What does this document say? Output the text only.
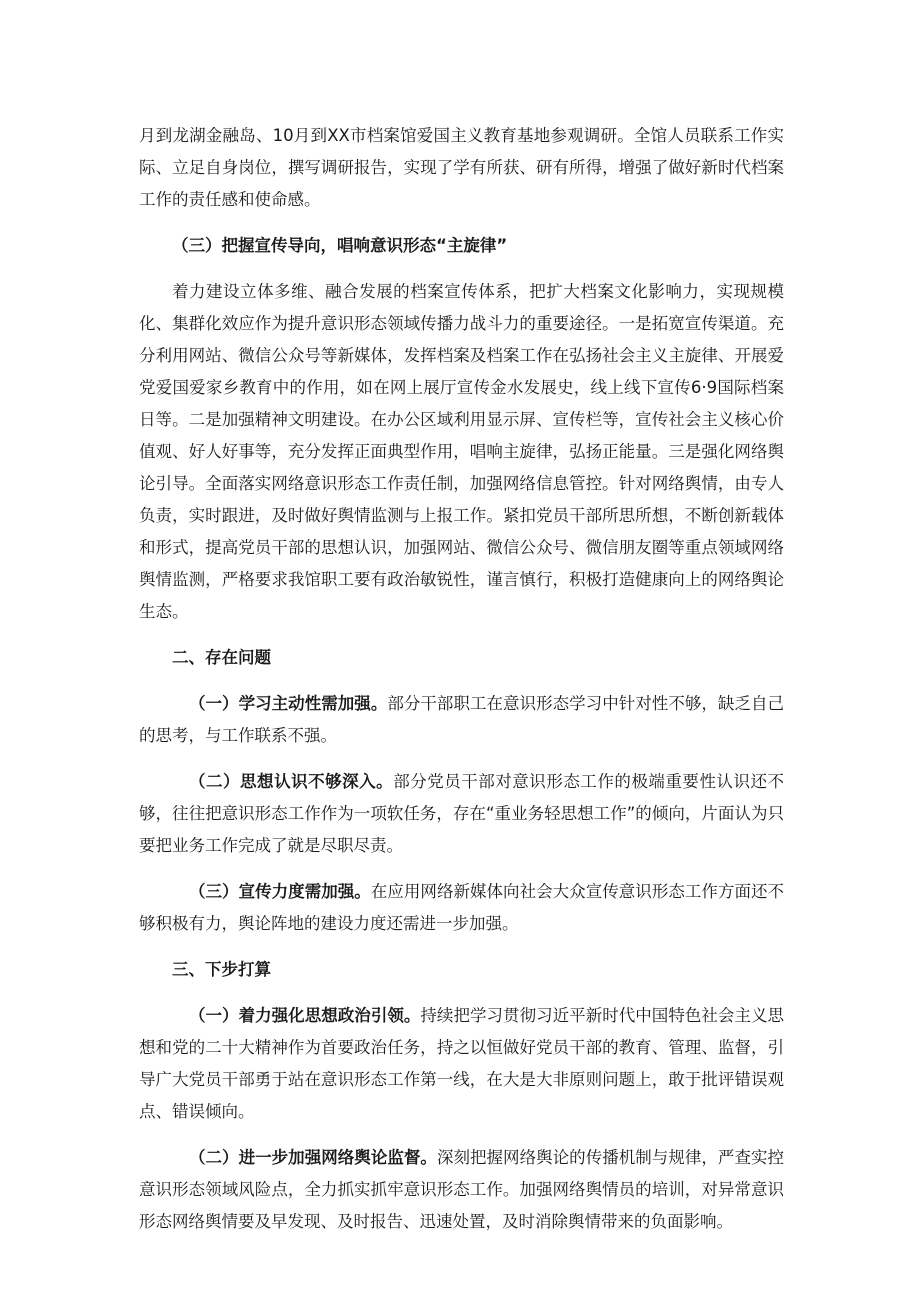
月到龙湖金融岛、10月到XX市档案馆爱国主义教育基地参观调研。全馆人员联系工作实际、立足自身岗位，撰写调研报告，实现了学有所获、研有所得，增强了做好新时代档案工作的责任感和使命感。

（三）把握宣传导向，唱响意识形态“主旋律”

着力建设立体多维、融合发展的档案宣传体系，把扩大档案文化影响力，实现规模化、集群化效应作为提升意识形态领域传播力战斗力的重要途径。一是拓宽宣传渠道。充分利用网站、微信公众号等新媒体，发挥档案及档案工作在弘扬社会主义主旋律、开展爱党爱国爱家乡教育中的作用，如在网上展厅宣传金水发展史，线上线下宣传6·9国际档案日等。二是加强精神文明建设。在办公区域利用显示屏、宣传栏等，宣传社会主义核心价值观、好人好事等，充分发挥正面典型作用，唱响主旋律，弘扬正能量。三是强化网络舆论引导。全面落实网络意识形态工作责任制，加强网络信息管控。针对网络舆情，由专人负责，实时跟进，及时做好舆情监测与上报工作。紧扣党员干部所思所想，不断创新载体和形式，提高党员干部的思想认识，加强网站、微信公众号、微信朋友圈等重点领域网络舆情监测，严格要求我馆职工要有政治敏锐性，谨言慎行，积极打造健康向上的网络舆论生态。

二、存在问题

（一）学习主动性需加强。部分干部职工在意识形态学习中针对性不够，缺乏自己的思考，与工作联系不强。

（二）思想认识不够深入。部分党员干部对意识形态工作的极端重要性认识还不够，往往把意识形态工作作为一项软任务，存在“重业务轻思想工作”的倾向，片面认为只要把业务工作完成了就是尽职尽责。

（三）宣传力度需加强。在应用网络新媒体向社会大众宣传意识形态工作方面还不够积极有力，舆论阵地的建设力度还需进一步加强。

三、下步打算

（一）着力强化思想政治引领。持续把学习贯彻习近平新时代中国特色社会主义思想和党的二十大精神作为首要政治任务，持之以恒做好党员干部的教育、管理、监督，引导广大党员干部勇于站在意识形态工作第一线，在大是大非原则问题上，敢于批评错误观点、错误倾向。

（二）进一步加强网络舆论监督。深刻把握网络舆论的传播机制与规律，严查实控意识形态领域风险点，全力抓实抓牢意识形态工作。加强网络舆情员的培训，对异常意识形态网络舆情要及早发现、及时报告、迅速处置，及时消除舆情带来的负面影响。
